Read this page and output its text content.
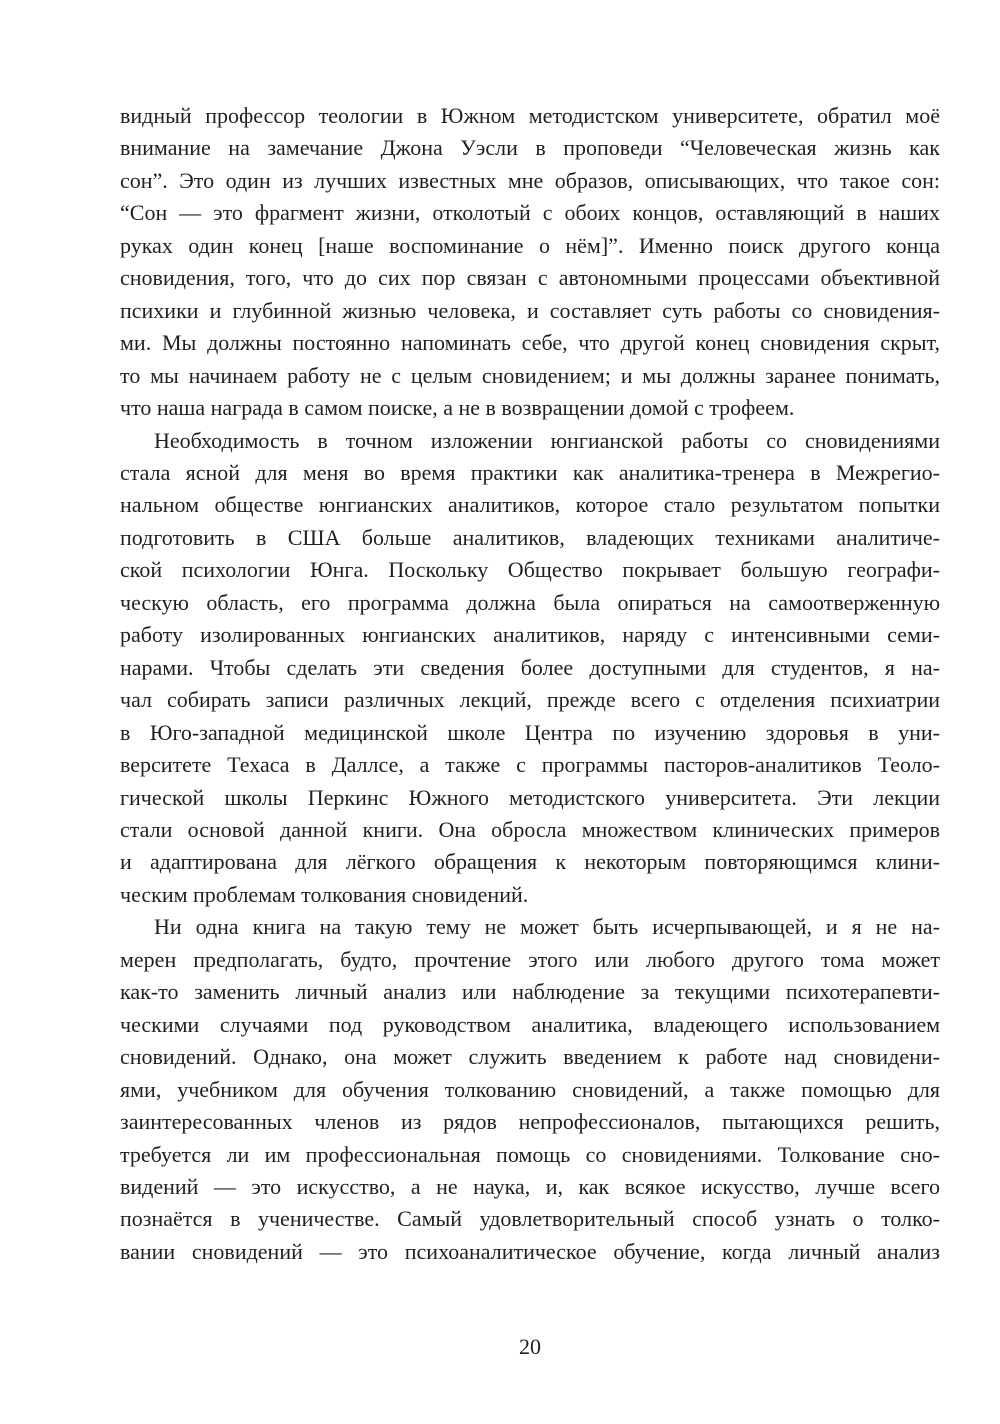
видный профессор теологии в Южном методистском университете, обратил моё
внимание на замечание Джона Уэсли в проповеди “Человеческая жизнь как
сон”. Это один из лучших известных мне образов, описывающих, что такое сон:
“Сон — это фрагмент жизни, отколотый с обоих концов, оставляющий в наших
руках один конец [наше воспоминание о нём]”. Именно поиск другого конца
сновидения, того, что до сих пор связан с автономными процессами объективной
психики и глубинной жизнью человека, и составляет суть работы со сновидения-
ми. Мы должны постоянно напоминать себе, что другой конец сновидения скрыт,
то мы начинаем работу не с целым сновидением; и мы должны заранее понимать,
что наша награда в самом поиске, а не в возвращении домой с трофеем.
Необходимость в точном изложении юнгианской работы со сновидениями
стала ясной для меня во время практики как аналитика-тренера в Межрегио-
нальном обществе юнгианских аналитиков, которое стало результатом попытки
подготовить в США больше аналитиков, владеющих техниками аналитиче-
ской психологии Юнга. Поскольку Общество покрывает большую географи-
ческую область, его программа должна была опираться на самоотверженную
работу изолированных юнгианских аналитиков, наряду с интенсивными семи-
нарами. Чтобы сделать эти сведения более доступными для студентов, я на-
чал собирать записи различных лекций, прежде всего с отделения психиатрии
в Юго-западной медицинской школе Центра по изучению здоровья в уни-
верситете Техаса в Даллсе, а также с программы пасторов-аналитиков Теоло-
гической школы Перкинс Южного методистского университета. Эти лекции
стали основой данной книги. Она обросла множеством клинических примеров
и адаптирована для лёгкого обращения к некоторым повторяющимся клини-
ческим проблемам толкования сновидений.
Ни одна книга на такую тему не может быть исчерпывающей, и я не на-
мерен предполагать, будто, прочтение этого или любого другого тома может
как-то заменить личный анализ или наблюдение за текущими психотерапевти-
ческими случаями под руководством аналитика, владеющего использованием
сновидений. Однако, она может служить введением к работе над сновидени-
ями, учебником для обучения толкованию сновидений, а также помощью для
заинтересованных членов из рядов непрофессионалов, пытающихся решить,
требуется ли им профессиональная помощь со сновидениями. Толкование сно-
видений — это искусство, а не наука, и, как всякое искусство, лучше всего
познаётся в ученичестве. Самый удовлетворительный способ узнать о толко-
вании сновидений — это психоаналитическое обучение, когда личный анализ
20
